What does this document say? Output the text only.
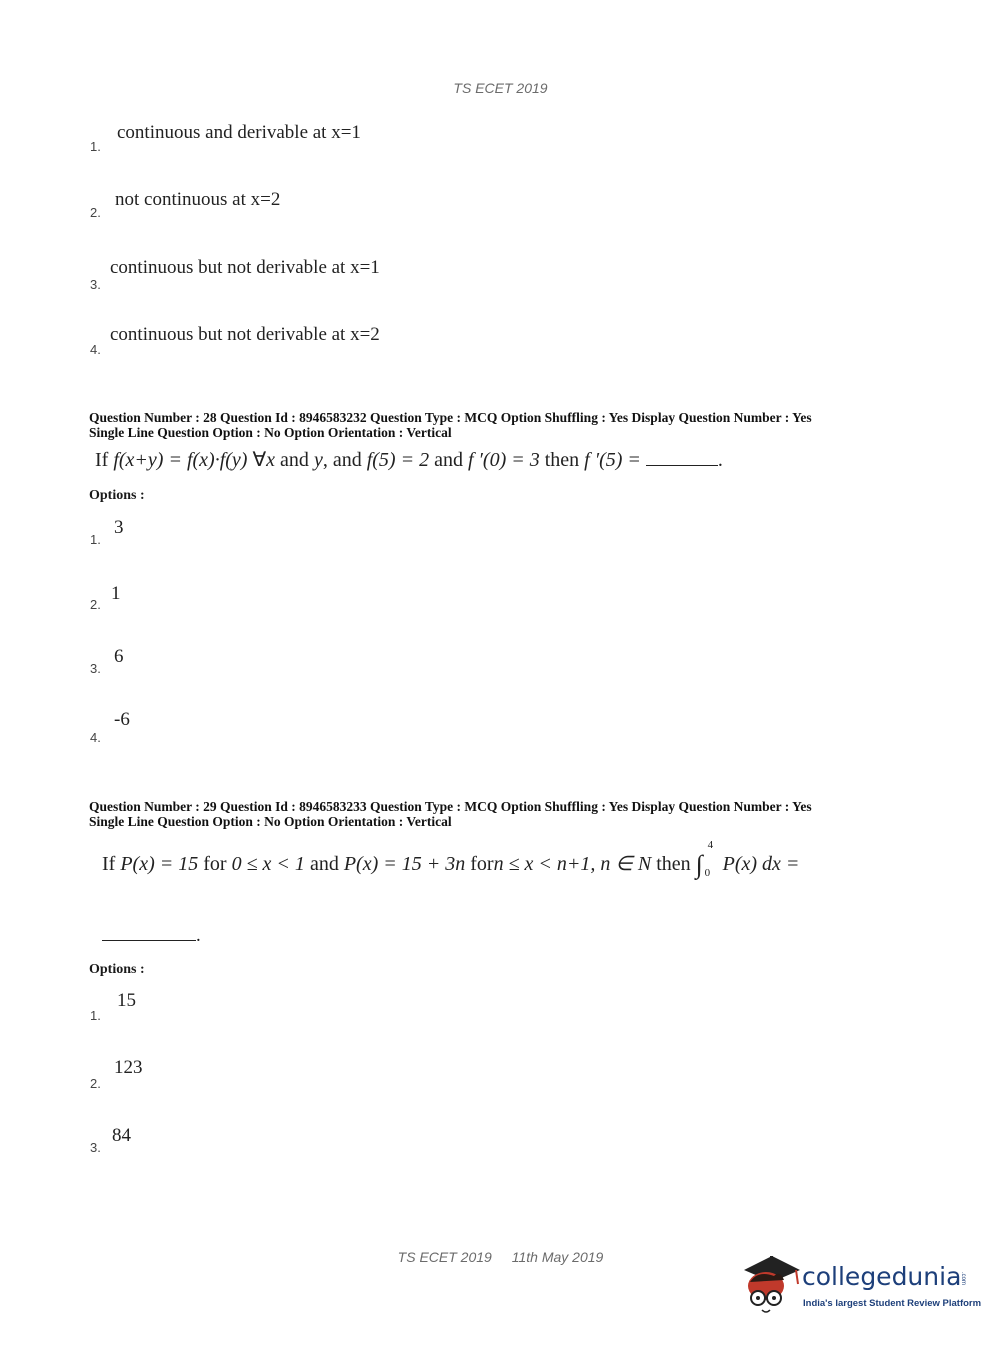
TS ECET 2019
1.
continuous and derivable at x=1
2.
not continuous at x=2
3.
continuous but not derivable at x=1
4.
continuous but not derivable at x=2
Question Number : 28 Question Id : 8946583232 Question Type : MCQ Option Shuffling : Yes Display Question Number : Yes
Single Line Question Option : No Option Orientation : Vertical
If f(x+y) = f(x)·f(y) ∀x and y, and f(5) = 2 and f ′(0) = 3 then f ′(5) =	.
Options :
1.
3
2.
1
3.
6
4.
-6
Question Number : 29 Question Id : 8946583233 Question Type : MCQ Option Shuffling : Yes Display Question Number : Yes
Single Line Question Option : No Option Orientation : Vertical
If P(x) = 15 for 0 ≤ x < 1 and P(x) = 15 + 3n forn ≤ x < n+1, n ∈ N then ∫
4
0 P(x) dx =
.
Options :
1.
15
2.
123
3.
84
TS ECET 2019 11th May 2019
collegedunia
.com
India's largest Student Review Platform
